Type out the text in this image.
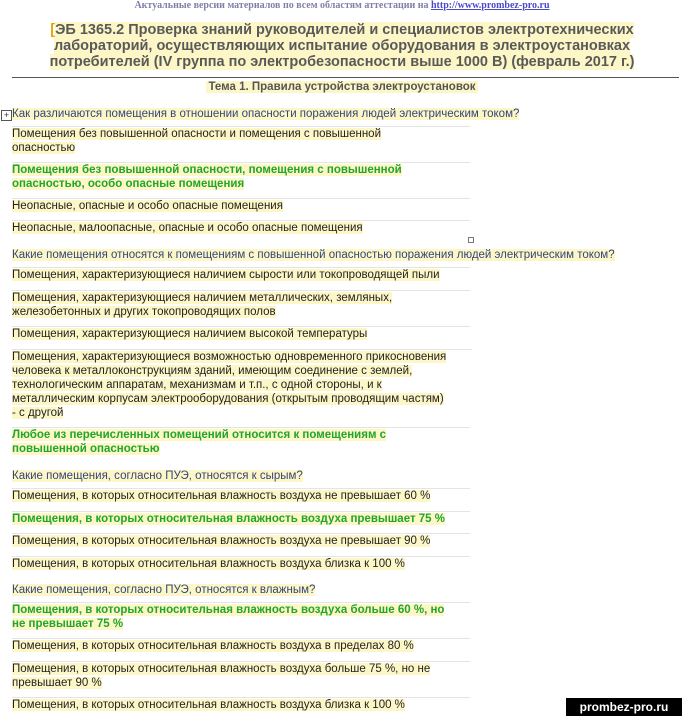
Актуальные версии материалов по всем областям аттестации на http://www.prombez-pro.ru
[ЭБ 1365.2 Проверка знаний руководителей и специалистов электротехнических
лабораторий, осуществляющих испытание оборудования в электроустановках
потребителей (IV группа по электробезопасности выше 1000 В) (февраль 2017 г.)
Тема 1. Правила устройства электроустановок
+ Как различаются помещения в отношении опасности поражения людей электрическим током?
Помещения без повышенной опасности и помещения с повышенной
опасностью
Помещения без повышенной опасности, помещения с повышенной
опасностью, особо опасные помещения
Неопасные, опасные и особо опасные помещения
Неопасные, малоопасные, опасные и особо опасные помещения
Какие помещения относятся к помещениям с повышенной опасностью поражения людей электрическим током?
Помещения, характеризующиеся наличием сырости или токопроводящей пыли
Помещения, характеризующиеся наличием металлических, земляных,
железобетонных и других токопроводящих полов
Помещения, характеризующиеся наличием высокой температуры
Помещения, характеризующиеся возможностью одновременного прикосновения
человека к металлоконструкциям зданий, имеющим соединение с землей,
технологическим аппаратам, механизмам и т.п., с одной стороны, и к
металлическим корпусам электрооборудования (открытым проводящим частям)
- с другой
Любое из перечисленных помещений относится к помещениям с
повышенной опасностью
Какие помещения, согласно ПУЭ, относятся к сырым?
Помещения, в которых относительная влажность воздуха не превышает 60 %
Помещения, в которых относительная влажность воздуха превышает 75 %
Помещения, в которых относительная влажность воздуха не превышает 90 %
Помещения, в которых относительная влажность воздуха близка к 100 %
Какие помещения, согласно ПУЭ, относятся к влажным?
Помещения, в которых относительная влажность воздуха больше 60 %, но
не превышает 75 %
Помещения, в которых относительная влажность воздуха в пределах 80 %
Помещения, в которых относительная влажность воздуха больше 75 %, но не
превышает 90 %
Помещения, в которых относительная влажность воздуха близка к 100 %	prombez-pro.ru
